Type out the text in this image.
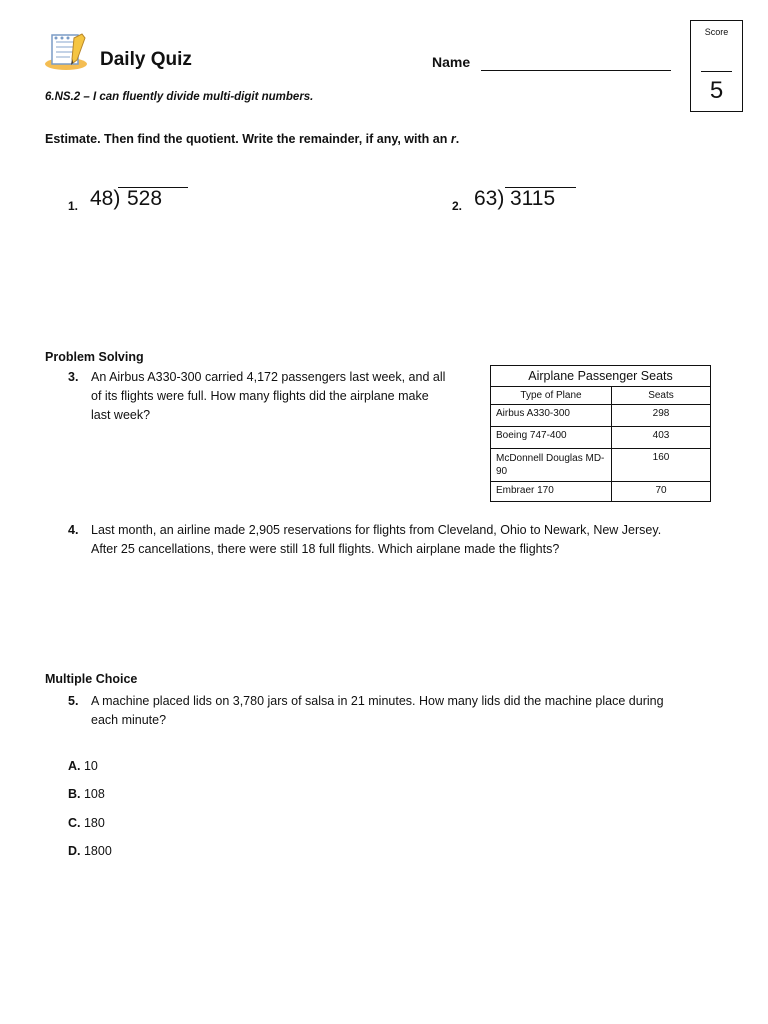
Daily Quiz	Name
Score
5
6.NS.2 – I can fluently divide multi-digit numbers.
Estimate. Then find the quotient. Write the remainder, if any, with an r.
1. 48) 528	2. 63) 3115
Problem Solving
3. An Airbus A330-300 carried 4,172 passengers last week, and all
of its flights were full. How many flights did the airplane make
last week?
Airplane Passenger Seats
Type of Plane	Seats
Airbus A330-300	298
Boeing 747-400	403
McDonnell Douglas MD-90	160
Embraer 170	70
4. Last month, an airline made 2,905 reservations for flights from Cleveland, Ohio to Newark, New Jersey.
After 25 cancellations, there were still 18 full flights. Which airplane made the flights?
Multiple Choice
5. A machine placed lids on 3,780 jars of salsa in 21 minutes. How many lids did the machine place during
each minute?
A. 10
B. 108
C. 180
D. 1800
